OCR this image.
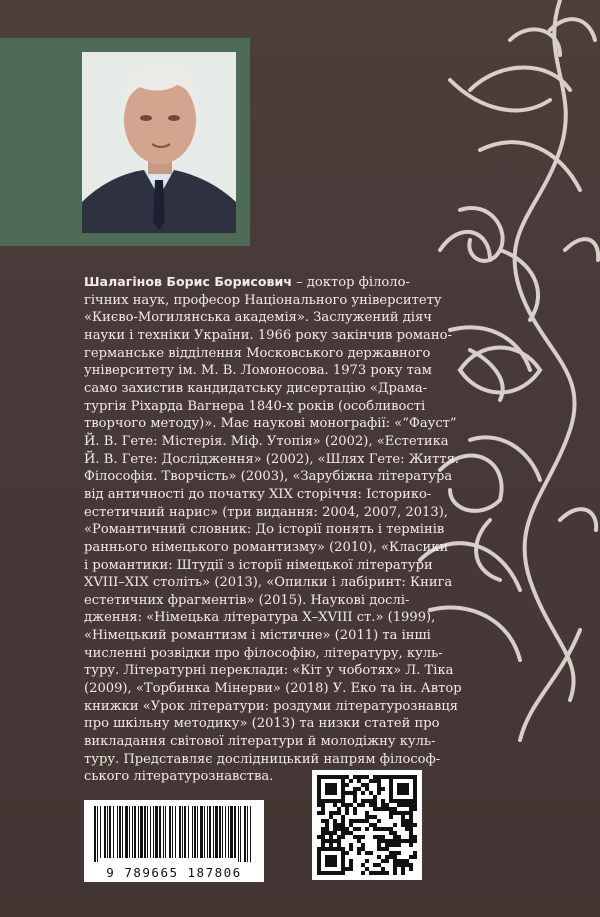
Шалагінов Борис Борисович – доктор філоло-
гічних наук, професор Національного університету
«Києво-Могилянська академія». Заслужений діяч
науки і техніки України. 1966 року закінчив романо-
германське відділення Московського державного
університету ім. М. В. Ломоносова. 1973 року там
само захистив кандидатську дисертацію «Драма-
тургія Ріхарда Вагнера 1840-х років (особливості
творчого методу)». Має наукові монографії: «“Фауст”
Й. В. Гете: Містерія. Міф. Утопія» (2002), «Естетика
Й. В. Гете: Дослідження» (2002), «Шлях Гете: Життя.
Філософія. Творчість» (2003), «Зарубіжна література
від античності до початку XIX сторіччя: Історико-
естетичний нарис» (три видання: 2004, 2007, 2013),
«Романтичний словник: До історії понять і термінів
раннього німецького романтизму» (2010), «Класики
і романтики: Штудії з історії німецької літератури
XVIII–XIX століть» (2013), «Опилки і лабіринт: Книга
естетичних фрагментів» (2015). Наукові дослі-
дження: «Німецька література X–XVIII ст.» (1999),
«Німецький романтизм і містичне» (2011) та інші
численні розвідки про філософію, літературу, куль-
туру. Літературні переклади: «Кіт у чоботях» Л. Тіка
(2009), «Торбинка Мінерви» (2018) У. Еко та ін. Автор
книжки «Урок літератури: роздуми літературознавця
про шкільну методику» (2013) та низки статей про
викладання світової літератури й молодіжну куль-
туру. Представляє дослідницький напрям філософ-
ського літературознавства.

9 789665 187806
